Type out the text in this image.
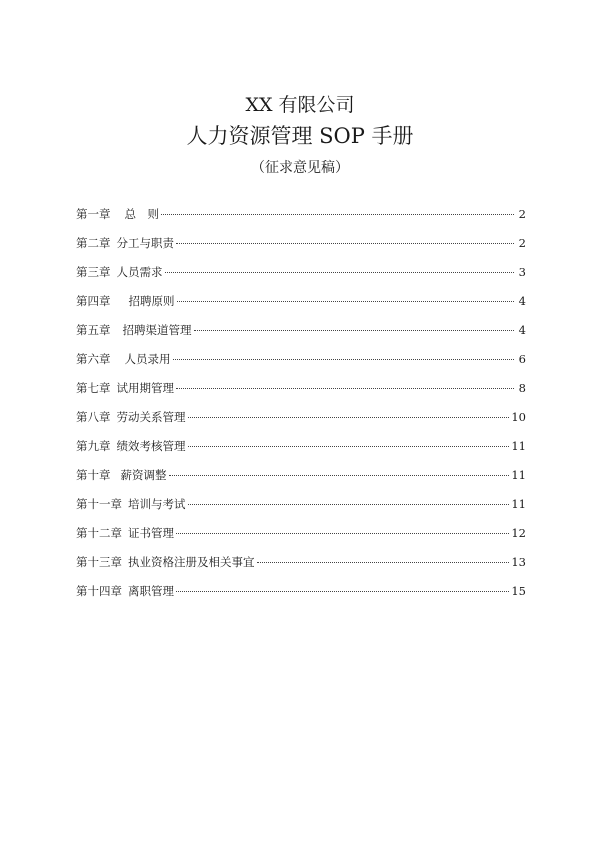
XX 有限公司
人力资源管理 SOP 手册
（征求意见稿）
第一章 总　则	2
第二章 分工与职责	2
第三章 人员需求	3
第四章 招聘原则	4
第五章 招聘渠道管理	4
第六章 人员录用	6
第七章 试用期管理	8
第八章 劳动关系管理	10
第九章 绩效考核管理	11
第十章 薪资调整	11
第十一章 培训与考试	11
第十二章 证书管理	12
第十三章 执业资格注册及相关事宜	13
第十四章 离职管理	15
